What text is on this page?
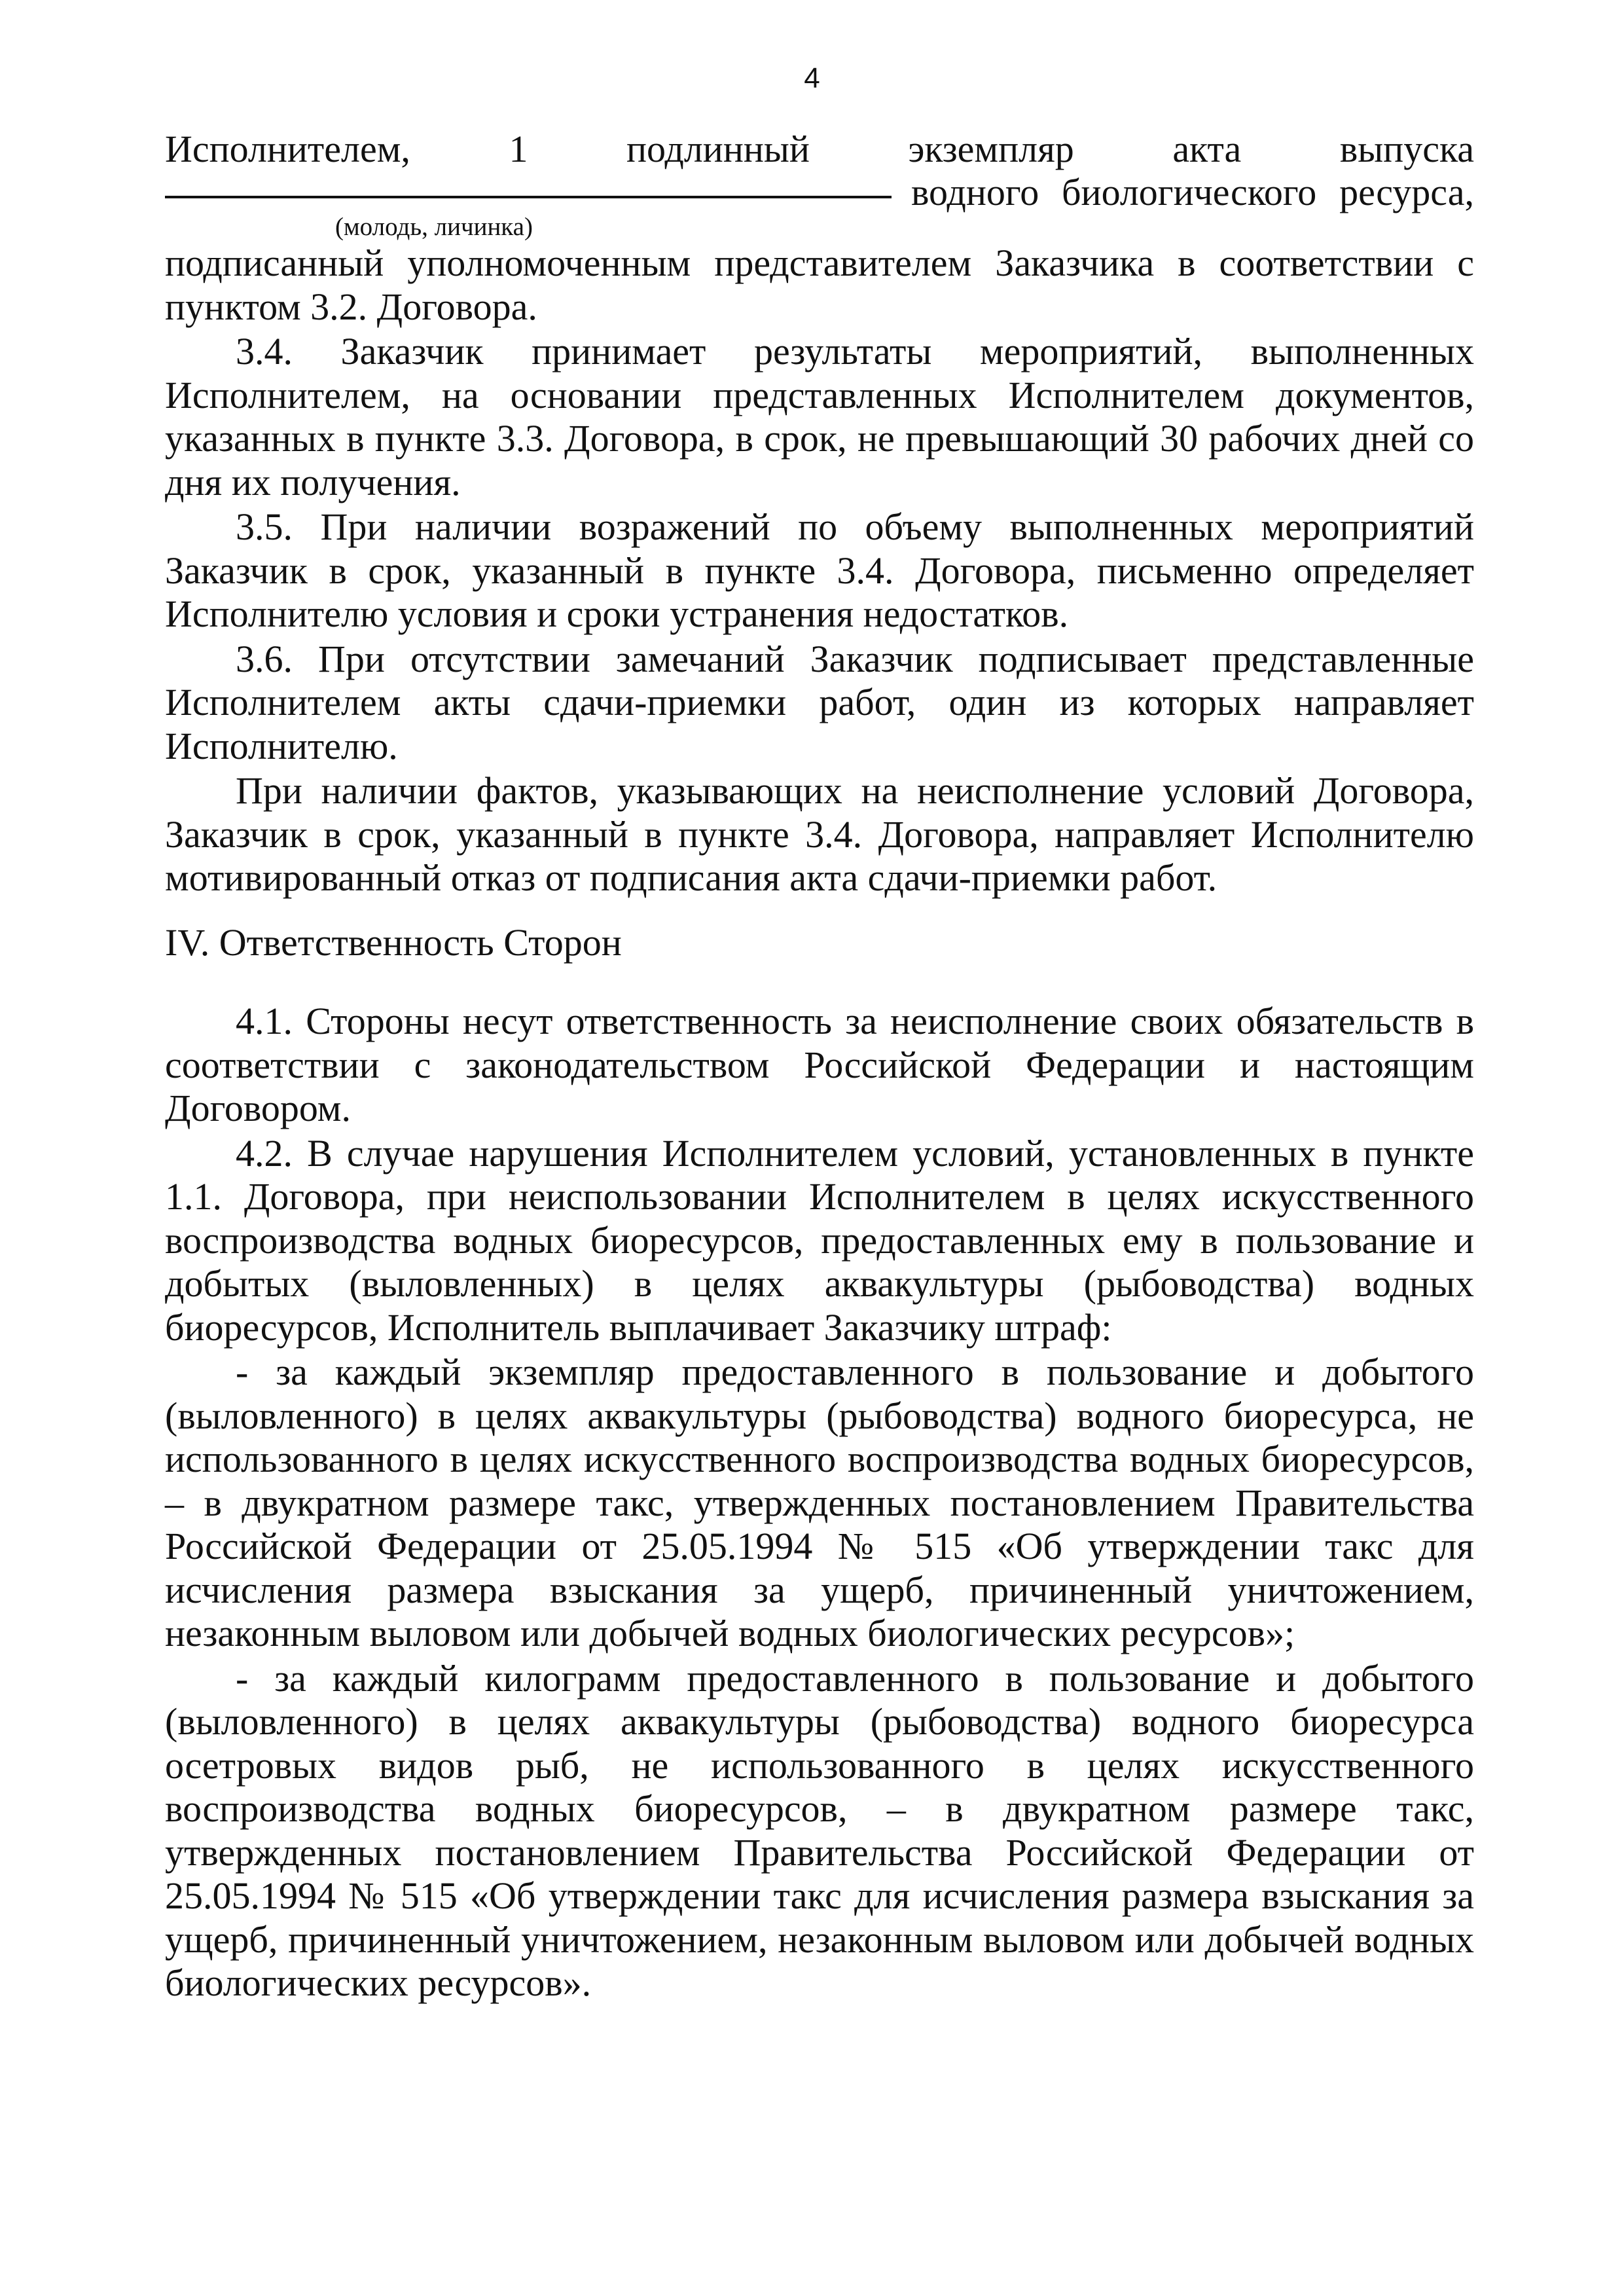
4
Исполнителем,	1	подлинный	экземпляр	акта	выпуска
водного биологического ресурса,
(молодь, личинка)

подписанный уполномоченным представителем Заказчика в соответствии с пунктом 3.2. Договора.

3.4. Заказчик принимает результаты мероприятий, выполненных Исполнителем, на основании представленных Исполнителем документов, указанных в пункте 3.3. Договора, в срок, не превышающий 30 рабочих дней со дня их получения.

3.5. При наличии возражений по объему выполненных мероприятий Заказчик в срок, указанный в пункте 3.4. Договора, письменно определяет Исполнителю условия и сроки устранения недостатков.

3.6. При отсутствии замечаний Заказчик подписывает представленные Исполнителем акты сдачи-приемки работ, один из которых направляет Исполнителю.

При наличии фактов, указывающих на неисполнение условий Договора, Заказчик в срок, указанный в пункте 3.4. Договора, направляет Исполнителю мотивированный отказ от подписания акта сдачи-приемки работ.

IV. Ответственность Сторон

4.1. Стороны несут ответственность за неисполнение своих обязательств в соответствии с законодательством Российской Федерации и настоящим Договором.

4.2. В случае нарушения Исполнителем условий, установленных в пункте 1.1. Договора, при неиспользовании Исполнителем в целях искусственного воспроизводства водных биоресурсов, предоставленных ему в пользование и добытых (выловленных) в целях аквакультуры (рыбоводства) водных биоресурсов, Исполнитель выплачивает Заказчику штраф:

- за каждый экземпляр предоставленного в пользование и добытого (выловленного) в целях аквакультуры (рыбоводства) водного биоресурса, не использованного в целях искусственного воспроизводства водных биоресурсов, – в двукратном размере такс, утвержденных постановлением Правительства Российской Федерации от 25.05.1994 № 515 «Об утверждении такс для исчисления размера взыскания за ущерб, причиненный уничтожением, незаконным выловом или добычей водных биологических ресурсов»;

- за каждый килограмм предоставленного в пользование и добытого (выловленного) в целях аквакультуры (рыбоводства) водного биоресурса осетровых видов рыб, не использованного в целях искусственного воспроизводства водных биоресурсов, – в двукратном размере такс, утвержденных постановлением Правительства Российской Федерации от 25.05.1994 № 515 «Об утверждении такс для исчисления размера взыскания за ущерб, причиненный уничтожением, незаконным выловом или добычей водных биологических ресурсов».
